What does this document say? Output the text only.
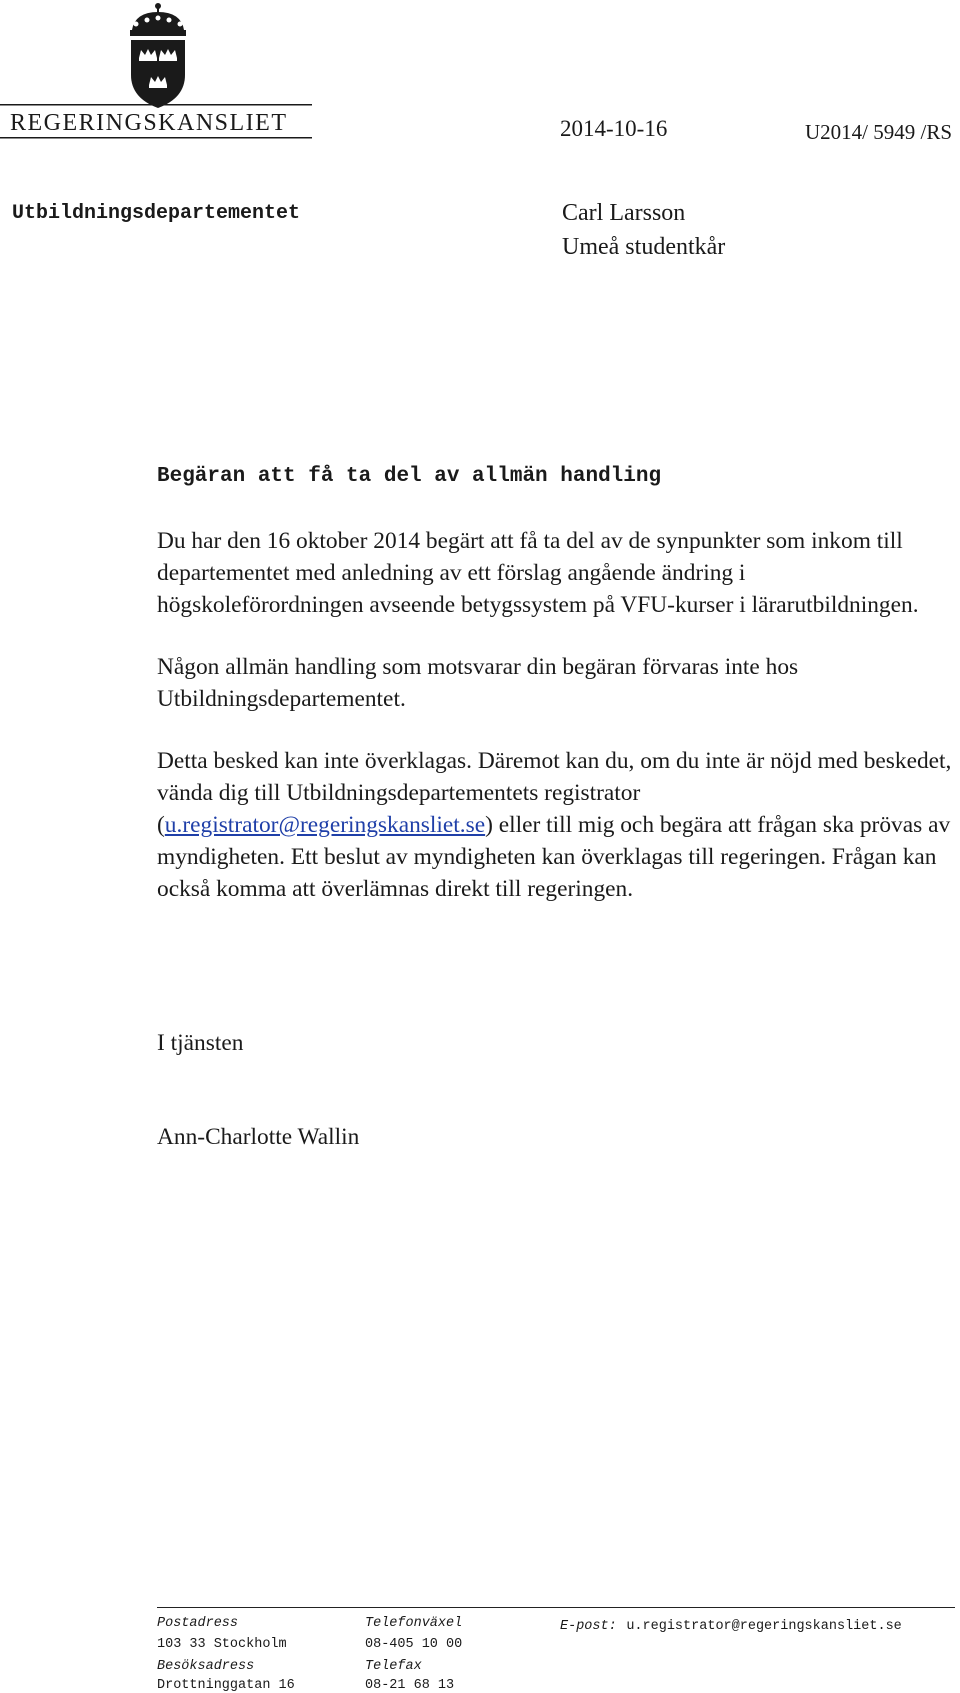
REGERINGSKANSLIET	2014-10-16	U2014/ 5949 /RS
Utbildningsdepartementet	Carl Larsson
Umeå studentkår
Begäran att få ta del av allmän handling

Du har den 16 oktober 2014 begärt att få ta del av de synpunkter som inkom till departementet med anledning av ett förslag angående ändring i högskoleförordningen avseende betygssystem på VFU-kurser i lärarutbildningen.

Någon allmän handling som motsvarar din begäran förvaras inte hos Utbildningsdepartementet.

Detta besked kan inte överklagas. Däremot kan du, om du inte är nöjd med beskedet, vända dig till Utbildningsdepartementets registrator (u.registrator@regeringskansliet.se) eller till mig och begära att frågan ska prövas av myndigheten. Ett beslut av myndigheten kan överklagas till regeringen. Frågan kan också komma att överlämnas direkt till regeringen.

I tjänsten
Ann-Charlotte Wallin
Postadress
103 33 Stockholm
Besöksadress
Drottninggatan 16
Telefonväxel
08-405 10 00
Telefax
08-21 68 13
E-post: u.registrator@regeringskansliet.se
